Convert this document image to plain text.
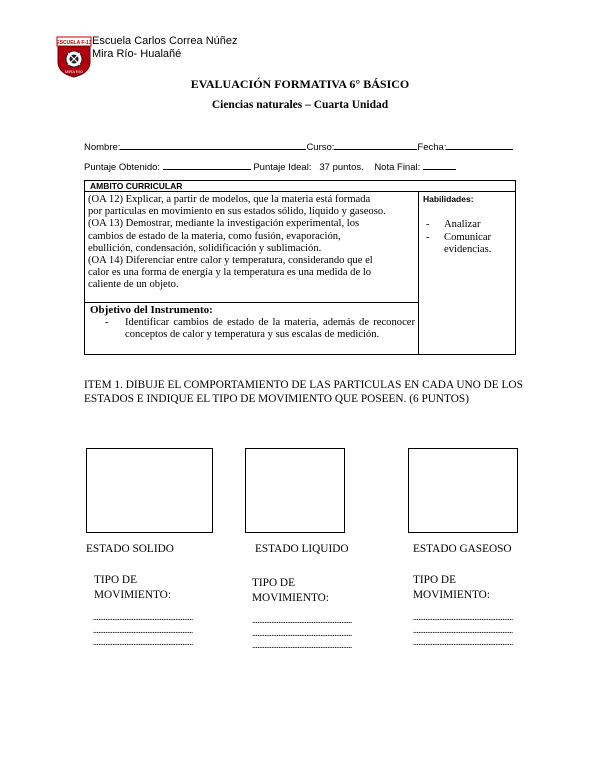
ESCUELA F-13
MIRA RÍO
Escuela Carlos Correa Núñez
Mira Río- Hualañé
EVALUACIÓN FORMATIVA 6° BÁSICO
Ciencias naturales – Cuarta Unidad
Nombre:	Curso:	Fecha:
Puntaje Obtenido:	Puntaje Ideal: 37 puntos. Nota Final:
AMBITO CURRICULAR
(OA 12) Explicar, a partir de modelos, que la materia está formada
por partículas en movimiento en sus estados sólido, líquido y gaseoso.
(OA 13) Demostrar, mediante la investigación experimental, los
cambios de estado de la materia, como fusión, evaporación,
ebullición, condensación, solidificación y sublimación.
(OA 14) Diferenciar entre calor y temperatura, considerando que el
calor es una forma de energía y la temperatura es una medida de lo
caliente de un objeto.
Objetivo del Instrumento:
- Identificar cambios de estado de la materia, además de reconocer conceptos de calor y temperatura y sus escalas de medición.
Habilidades:
- Analizar
- Comunicar evidencias.
ITEM 1. DIBUJE EL COMPORTAMIENTO DE LAS PARTICULAS EN CADA UNO DE LOS ESTADOS E INDIQUE EL TIPO DE MOVIMIENTO QUE POSEEN. (6 PUNTOS)
ESTADO SOLIDO	ESTADO LIQUIDO	ESTADO GASEOSO
TIPO DE
MOVIMIENTO:
TIPO DE
MOVIMIENTO:
TIPO DE
MOVIMIENTO:
.........................................................
.........................................................
.........................................................
.........................................................
.........................................................
.........................................................
.........................................................
.........................................................
.........................................................
